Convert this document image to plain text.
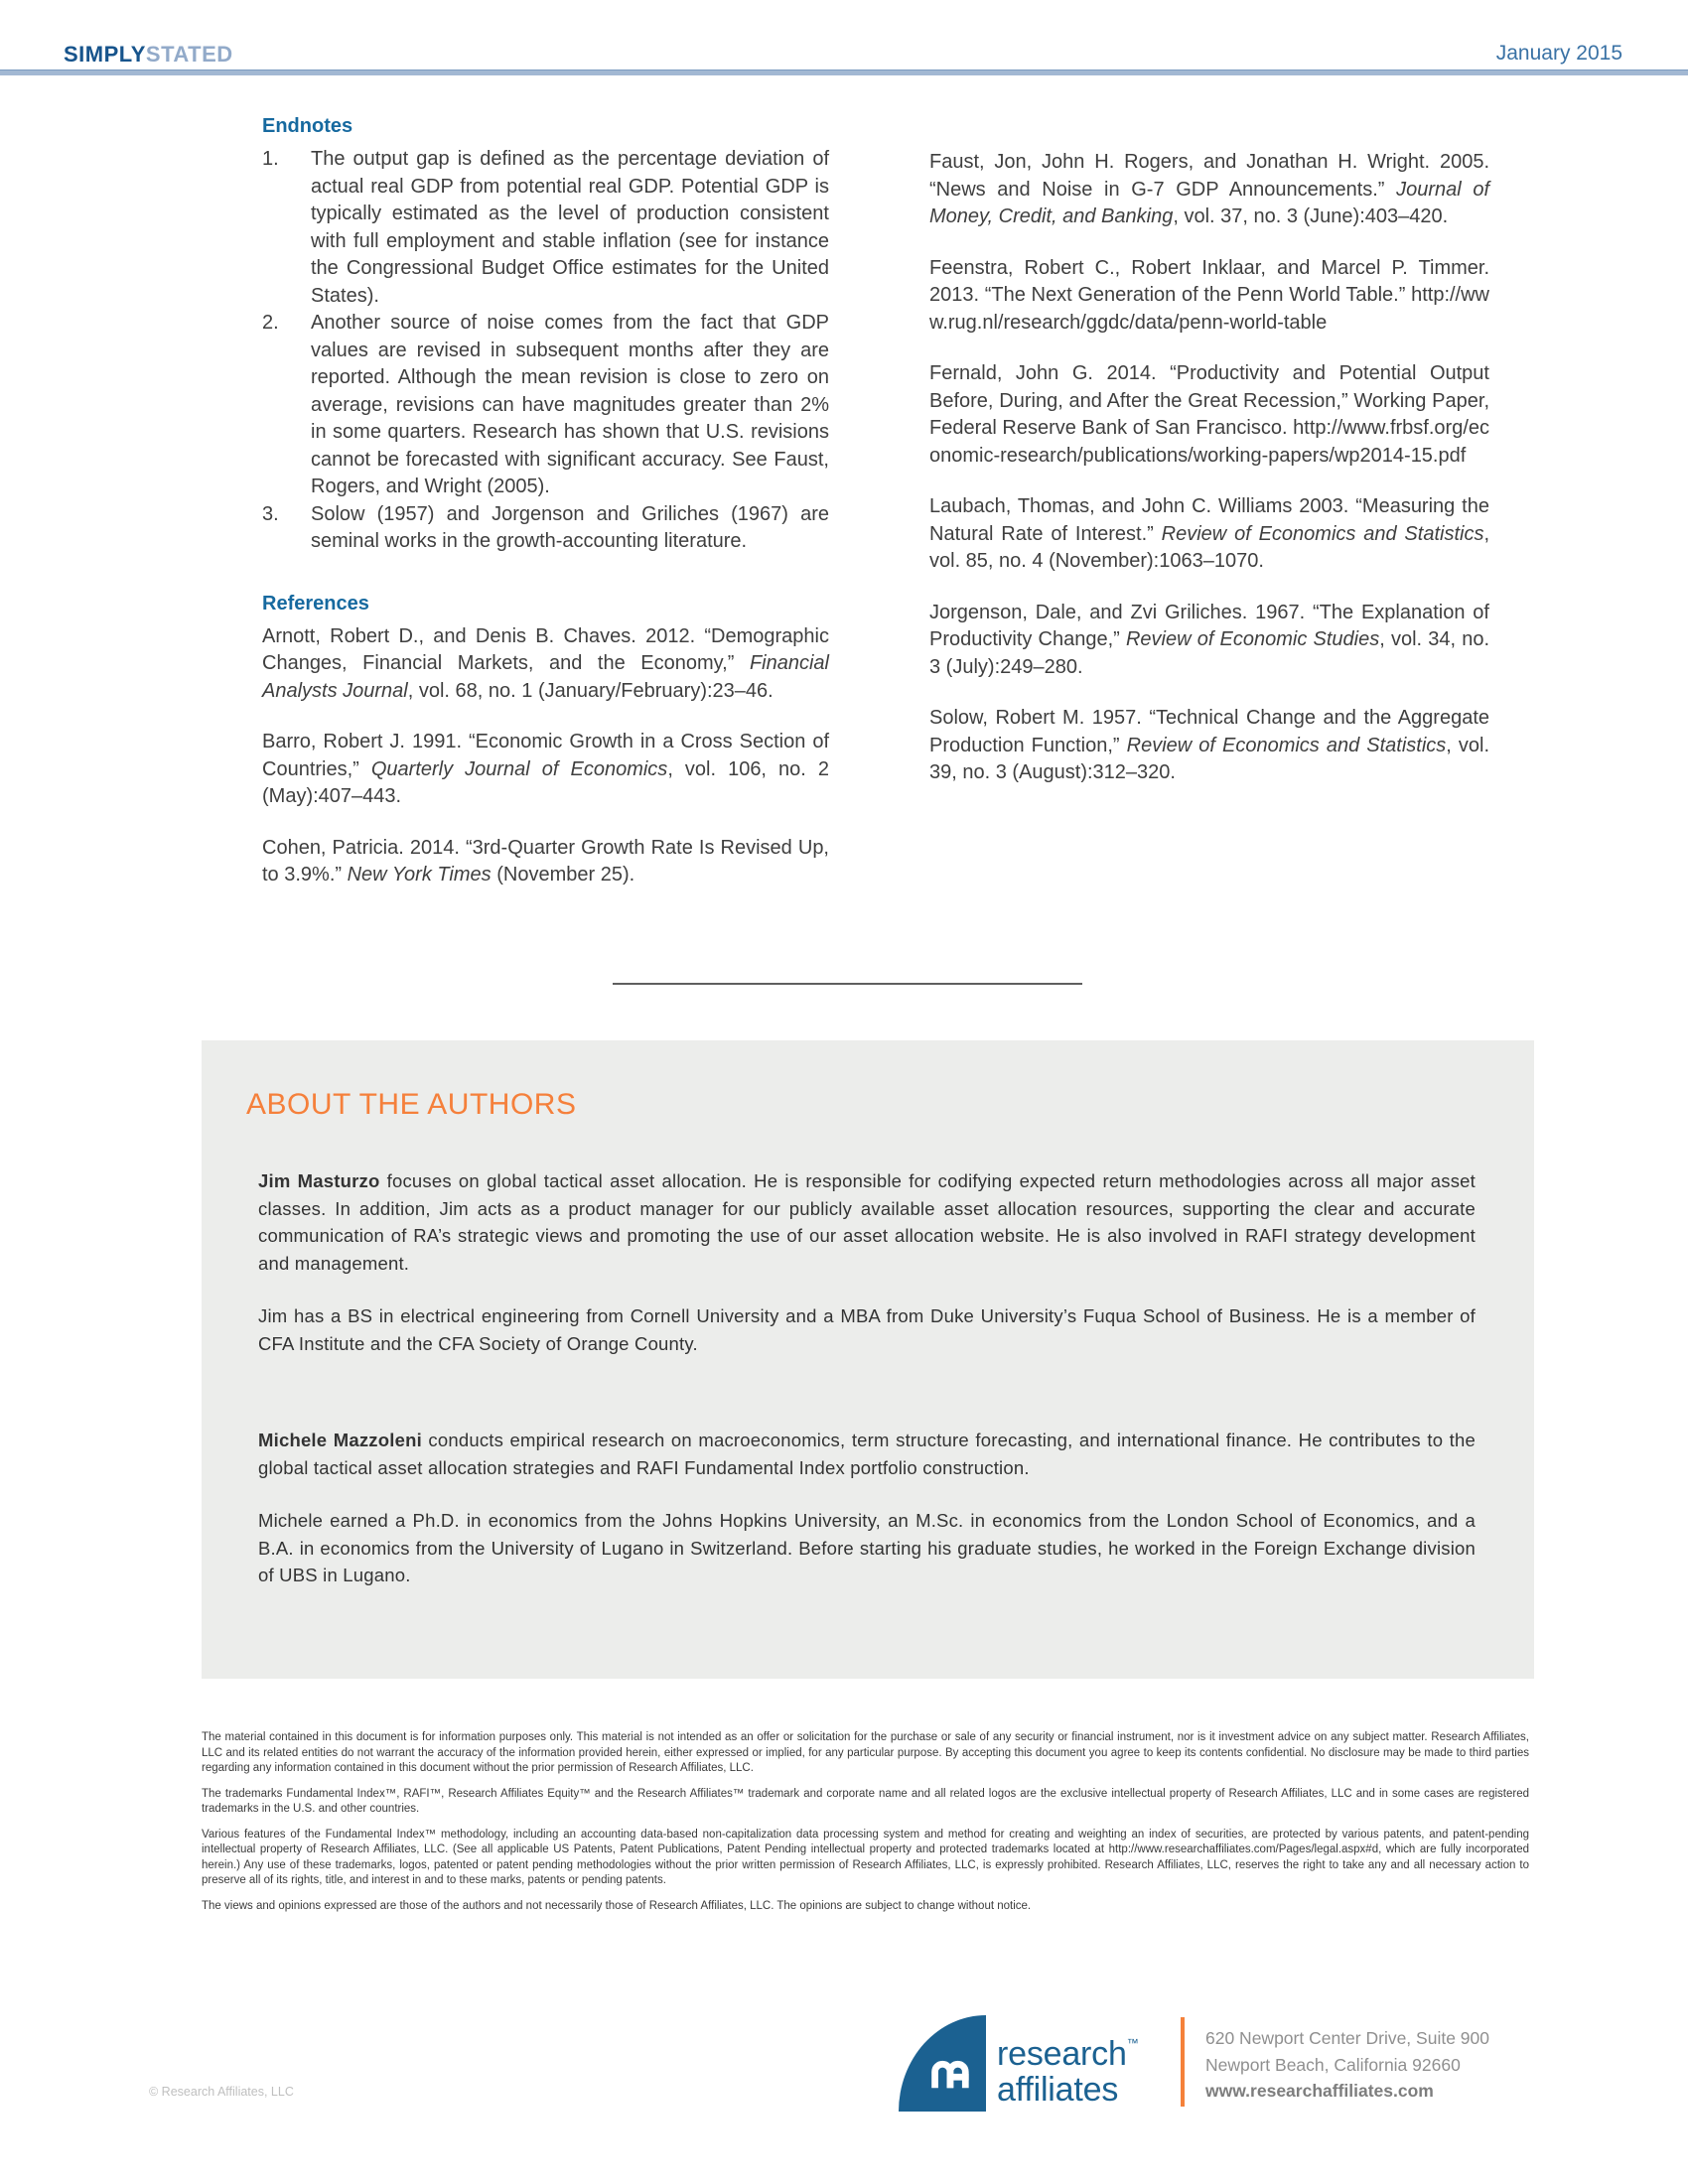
SIMPLYSTATED	January 2015
Endnotes
1. The output gap is defined as the percentage deviation of actual real GDP from potential real GDP. Potential GDP is typically estimated as the level of production consistent with full employment and stable inflation (see for instance the Congressional Budget Office estimates for the United States).
2. Another source of noise comes from the fact that GDP values are revised in subsequent months after they are reported. Although the mean revision is close to zero on average, revisions can have magnitudes greater than 2% in some quarters. Research has shown that U.S. revisions cannot be forecasted with significant accuracy. See Faust, Rogers, and Wright (2005).
3. Solow (1957) and Jorgenson and Griliches (1967) are seminal works in the growth-accounting literature.
References

Arnott, Robert D., and Denis B. Chaves. 2012. “Demographic Changes, Financial Markets, and the Economy,” Financial Analysts Journal, vol. 68, no. 1 (January/February):23–46.

Barro, Robert J. 1991. “Economic Growth in a Cross Section of Countries,” Quarterly Journal of Economics, vol. 106, no. 2 (May):407–443.

Cohen, Patricia. 2014. “3rd-Quarter Growth Rate Is Revised Up, to 3.9%.” New York Times (November 25).

Faust, Jon, John H. Rogers, and Jonathan H. Wright. 2005. “News and Noise in G-7 GDP Announcements.” Journal of Money, Credit, and Banking, vol. 37, no. 3 (June):403–420.

Feenstra, Robert C., Robert Inklaar, and Marcel P. Timmer. 2013. “The Next Generation of the Penn World Table.” http://www.rug.nl/research/ggdc/data/penn-world-table

Fernald, John G. 2014. “Productivity and Potential Output Before, During, and After the Great Recession,” Working Paper, Federal Reserve Bank of San Francisco. http://www.frbsf.org/economic-research/publications/working-papers/wp2014-15.pdf

Laubach, Thomas, and John C. Williams 2003. “Measuring the Natural Rate of Interest.” Review of Economics and Statistics, vol. 85, no. 4 (November):1063–1070.

Jorgenson, Dale, and Zvi Griliches. 1967. “The Explanation of Productivity Change,” Review of Economic Studies, vol. 34, no. 3 (July):249–280.

Solow, Robert M. 1957. “Technical Change and the Aggregate Production Function,” Review of Economics and Statistics, vol. 39, no. 3 (August):312–320.

ABOUT THE AUTHORS

Jim Masturzo focuses on global tactical asset allocation. He is responsible for codifying expected return methodologies across all major asset classes. In addition, Jim acts as a product manager for our publicly available asset allocation resources, supporting the clear and accurate communication of RA’s strategic views and promoting the use of our asset allocation website. He is also involved in RAFI strategy development and management.

Jim has a BS in electrical engineering from Cornell University and a MBA from Duke University’s Fuqua School of Business. He is a member of CFA Institute and the CFA Society of Orange County.

Michele Mazzoleni conducts empirical research on macroeconomics, term structure forecasting, and international finance. He contributes to the global tactical asset allocation strategies and RAFI Fundamental Index portfolio construction.

Michele earned a Ph.D. in economics from the Johns Hopkins University, an M.Sc. in economics from the London School of Economics, and a B.A. in economics from the University of Lugano in Switzerland. Before starting his graduate studies, he worked in the Foreign Exchange division of UBS in Lugano.

The material contained in this document is for information purposes only. This material is not intended as an offer or solicitation for the purchase or sale of any security or financial instrument, nor is it investment advice on any subject matter. Research Affiliates, LLC and its related entities do not warrant the accuracy of the information provided herein, either expressed or implied, for any particular purpose. By accepting this document you agree to keep its contents confidential. No disclosure may be made to third parties regarding any information contained in this document without the prior permission of Research Affiliates, LLC.

The trademarks Fundamental Index™, RAFI™, Research Affiliates Equity™ and the Research Affiliates™ trademark and corporate name and all related logos are the exclusive intellectual property of Research Affiliates, LLC and in some cases are registered trademarks in the U.S. and other countries.

Various features of the Fundamental Index™ methodology, including an accounting data-based non-capitalization data processing system and method for creating and weighting an index of securities, are protected by various patents, and patent-pending intellectual property of Research Affiliates, LLC. (See all applicable US Patents, Patent Publications, Patent Pending intellectual property and protected trademarks located at http://www.researchaffiliates.com/Pages/legal.aspx#d, which are fully incorporated herein.) Any use of these trademarks, logos, patented or patent pending methodologies without the prior written permission of Research Affiliates, LLC, is expressly prohibited. Research Affiliates, LLC, reserves the right to take any and all necessary action to preserve all of its rights, title, and interest in and to these marks, patents or pending patents.

The views and opinions expressed are those of the authors and not necessarily those of Research Affiliates, LLC. The opinions are subject to change without notice.

research™
affiliates
620 Newport Center Drive, Suite 900
Newport Beach, California 92660
www.researchaffiliates.com
© Research Affiliates, LLC
